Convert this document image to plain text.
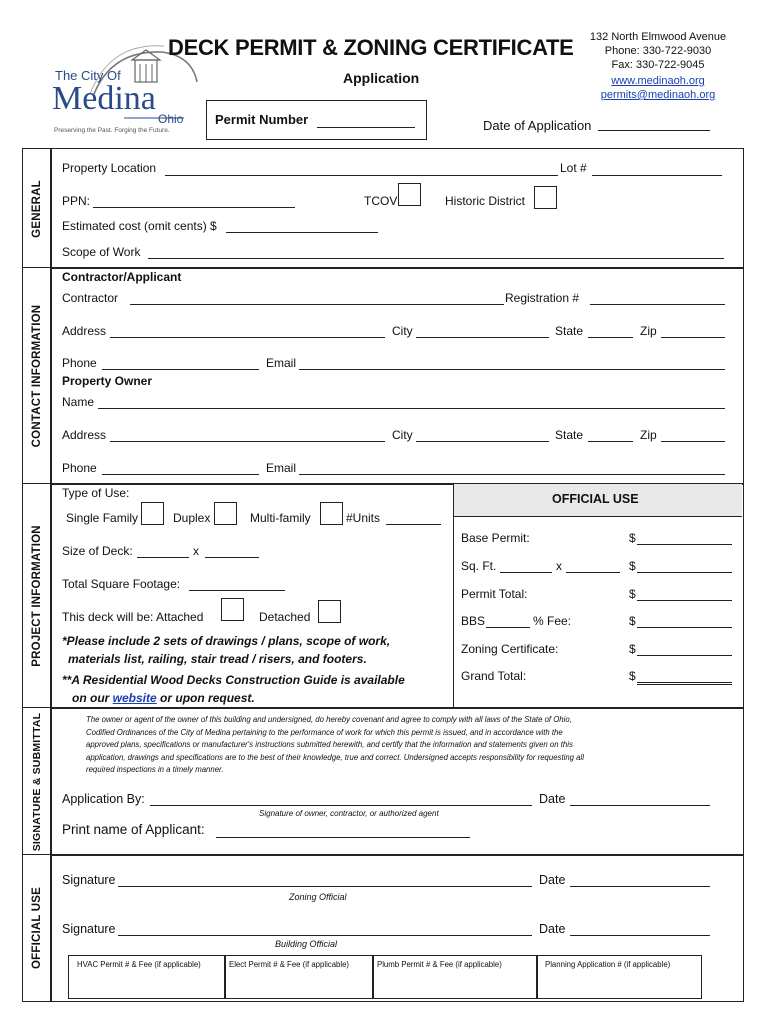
The City Of
Medina
Ohio
Preserving the Past. Forging the Future.
DECK PERMIT & ZONING CERTIFICATE
Application
Permit Number	Date of Application
132 North Elmwood Avenue
Phone: 330-722-9030
Fax: 330-722-9045
www.medinaoh.org
permits@medinaoh.org
GENERAL
Property Location	Lot #
PPN:	TCOV	Historic District
Estimated cost (omit cents) $
Scope of Work
CONTACT INFORMATION
Contractor/Applicant
Contractor	Registration #
Address	City	State	Zip
Phone	Email
Property Owner
Name
Address	City	State	Zip
Phone	Email
PROJECT INFORMATION
Type of Use:
Single Family	Duplex	Multi-family	#Units
Size of Deck:	x
Total Square Footage:
This deck will be: Attached	Detached
*Please include 2 sets of drawings / plans, scope of work,
materials list, railing, stair tread / risers, and footers.
**A Residential Wood Decks Construction Guide is available
on our website or upon request.
OFFICIAL USE
Base Permit:	$
Sq. Ft.	x	$
Permit Total:	$
BBS	% Fee:	$
Zoning Certificate:	$
Grand Total:	$
SIGNATURE & SUBMITTAL	The owner or agent of the owner of this building and undersigned, do hereby covenant and agree to comply with all laws of the State of Ohio,
Codified Ordinances of the City of Medina pertaining to the performance of work for which this permit is issued, and in accordance with the
approved plans, specifications or manufacturer's instructions submitted herewith, and certify that the information and statements given on this
application, drawings and specifications are to the best of their knowledge, true and correct. Undersigned accepts responsibility for requesting all
required inspections in a timely manner.
Application By:	Date
Signature of owner, contractor, or authorized agent
Print name of Applicant:
OFFICIAL USE
Signature	Date
Zoning Official
Signature	Date
Building Official
HVAC Permit # & Fee (if applicable)	Elect Permit # & Fee (if applicable)	Plumb Permit # & Fee (if applicable)	Planning Application # (if applicable)
